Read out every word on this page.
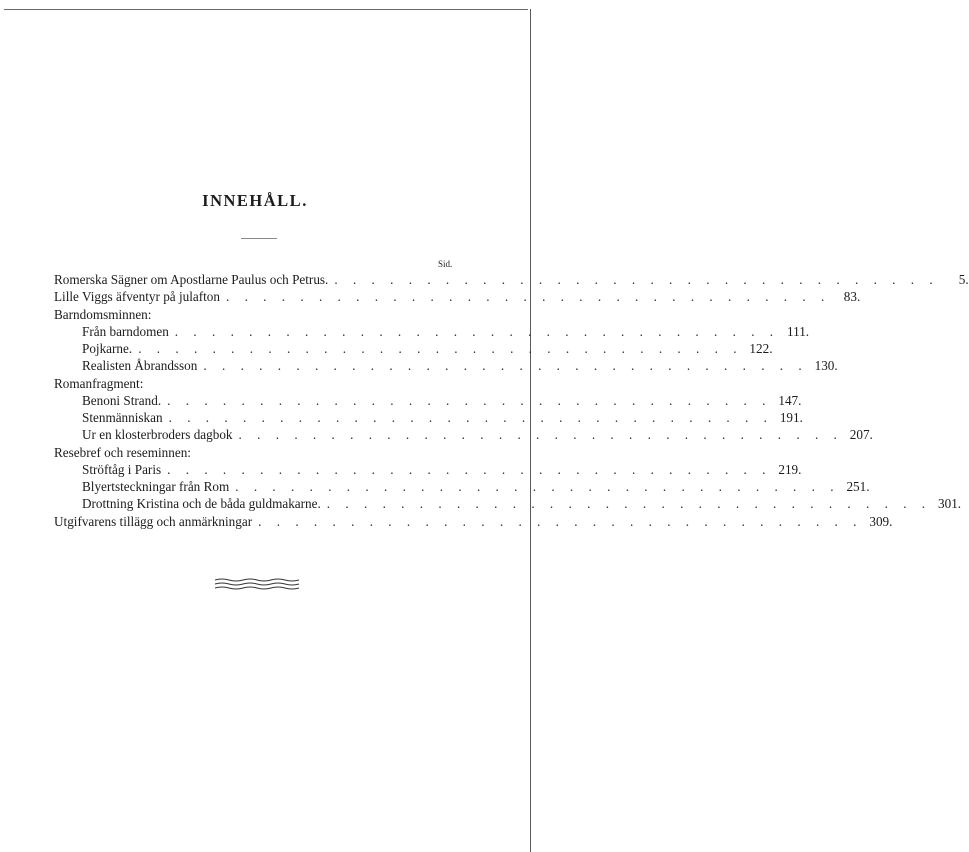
INNEHÅLL.
Sid.
Romerska Sägner om Apostlarne Paulus och Petrus. . . . . . . . . . . . . . . . . . . . . . . . . . . . . . . . . .	5.
Lille Viggs äfventyr på julafton . . . . . . . . . . . . . . . . . . . . . . . . . . . . . . . . .	83.
Barndomsminnen:
Från barndomen . . . . . . . . . . . . . . . . . . . . . . . . . . . . . . . . . 111.
Pojkarne. . . . . . . . . . . . . . . . . . . . . . . . . . . . . . . . . . 122.
Realisten Åbrandsson . . . . . . . . . . . . . . . . . . . . . . . . . . . . . . . . . 130.
Romanfragment:
Benoni Strand. . . . . . . . . . . . . . . . . . . . . . . . . . . . . . . . . . 147.
Stenmänniskan . . . . . . . . . . . . . . . . . . . . . . . . . . . . . . . . . 191.
Ur en klosterbroders dagbok . . . . . . . . . . . . . . . . . . . . . . . . . . . . . . . . . 207.
Resebref och reseminnen:
Ströftåg i Paris . . . . . . . . . . . . . . . . . . . . . . . . . . . . . . . . . 219.
Blyertsteckningar från Rom . . . . . . . . . . . . . . . . . . . . . . . . . . . . . . . . . 251.
Drottning Kristina och de båda guldmakarne. . . . . . . . . . . . . . . . . . . . . . . . . . . . . . . . . . 301.
Utgifvarens tillägg och anmärkningar . . . . . . . . . . . . . . . . . . . . . . . . . . . . . . . . . 309.
